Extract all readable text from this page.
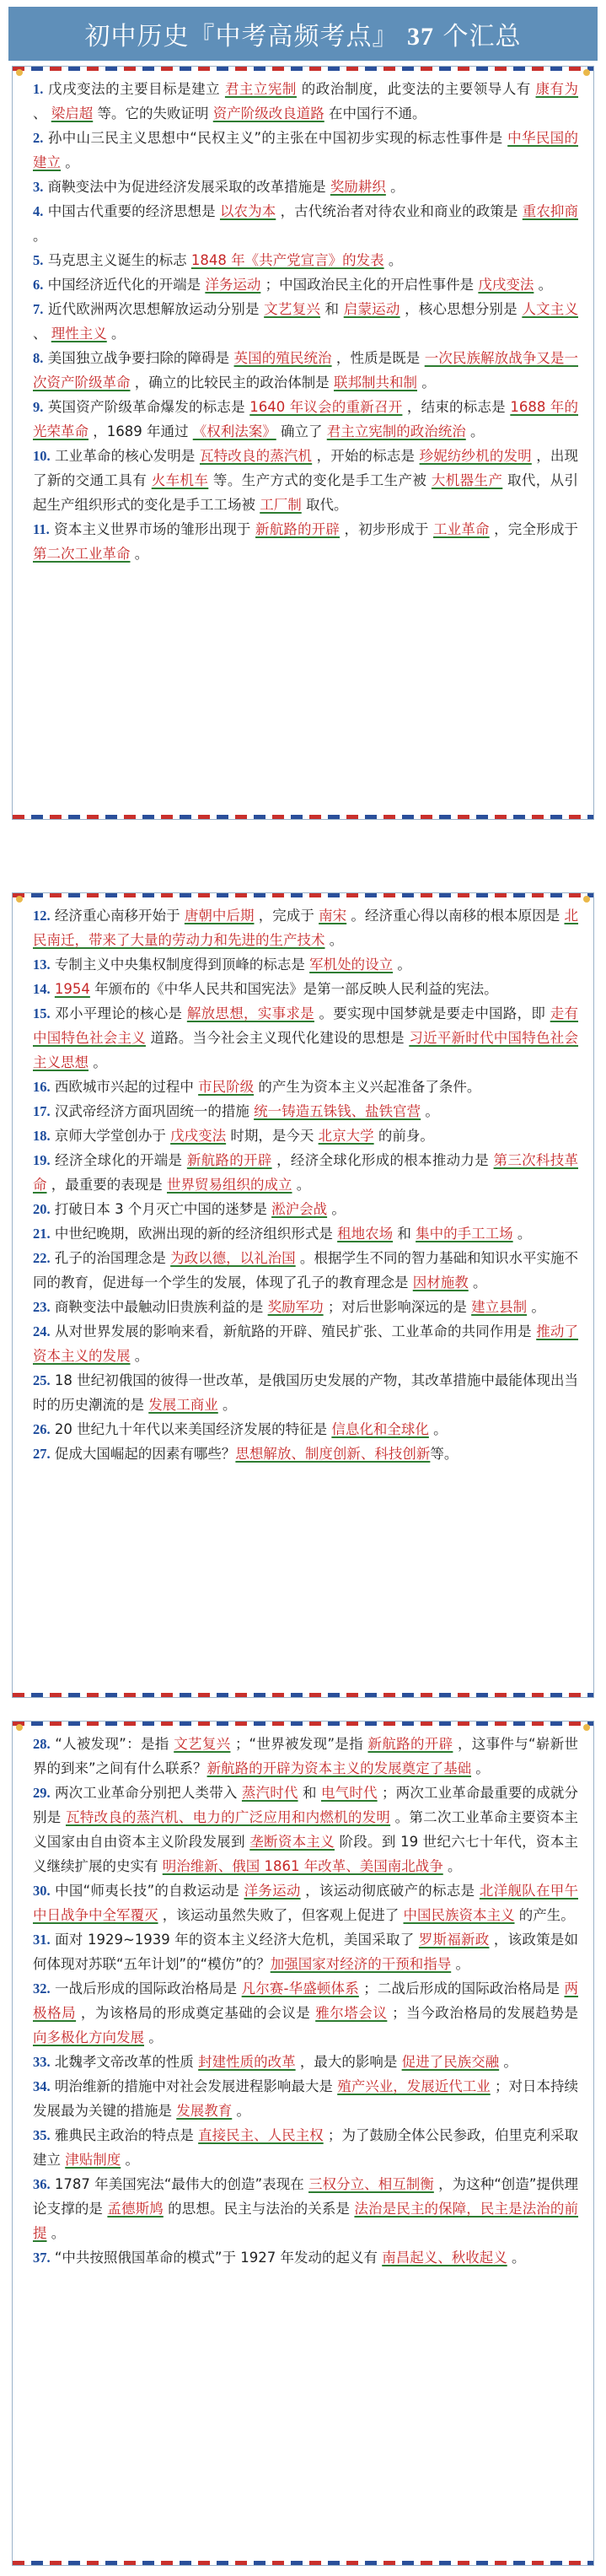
初中历史『中考高频考点』 37 个汇总

1. 戊戌变法的主要目标是建立 君主立宪制 的政治制度，此变法的主要领导人有 康有为 、 梁启超 等。它的失败证明 资产阶级改良道路 在中国行不通。

2. 孙中山三民主义思想中“民权主义”的主张在中国初步实现的标志性事件是 中华民国的建立 。

3. 商鞅变法中为促进经济发展采取的改革措施是 奖励耕织 。

4. 中国古代重要的经济思想是 以农为本 ，古代统治者对待农业和商业的政策是 重农抑商 。

5. 马克思主义诞生的标志 1848 年《共产党宣言》的发表 。

6. 中国经济近代化的开端是 洋务运动 ；中国政治民主化的开启性事件是 戊戌变法 。

7. 近代欧洲两次思想解放运动分别是 文艺复兴 和 启蒙运动 ，核心思想分别是 人文主义 、 理性主义 。

8. 美国独立战争要扫除的障碍是 英国的殖民统治 ，性质是既是 一次民族解放战争又是一次资产阶级革命 ，确立的比较民主的政治体制是 联邦制共和制 。

9. 英国资产阶级革命爆发的标志是 1640 年议会的重新召开 ，结束的标志是 1688 年的光荣革命 ，1689 年通过 《权利法案》 确立了 君主立宪制的政治统治 。

10. 工业革命的核心发明是 瓦特改良的蒸汽机 ，开始的标志是 珍妮纺纱机的发明 ，出现了新的交通工具有 火车机车 等。生产方式的变化是手工生产被 大机器生产 取代，从引起生产组织形式的变化是手工工场被 工厂制 取代。

11. 资本主义世界市场的雏形出现于 新航路的开辟 ，初步形成于 工业革命 ，完全形成于 第二次工业革命 。

12. 经济重心南移开始于 唐朝中后期 ，完成于 南宋 。经济重心得以南移的根本原因是 北民南迁，带来了大量的劳动力和先进的生产技术 。

13. 专制主义中央集权制度得到顶峰的标志是 军机处的设立 。

14. 1954 年颁布的《中华人民共和国宪法》是第一部反映人民利益的宪法。

15. 邓小平理论的核心是 解放思想，实事求是 。要实现中国梦就是要走中国路，即 走有中国特色社会主义 道路。当今社会主义现代化建设的思想是 习近平新时代中国特色社会主义思想 。

16. 西欧城市兴起的过程中 市民阶级 的产生为资本主义兴起准备了条件。

17. 汉武帝经济方面巩固统一的措施 统一铸造五铢钱、盐铁官营 。

18. 京师大学堂创办于 戊戌变法 时期，是今天 北京大学 的前身。

19. 经济全球化的开端是 新航路的开辟 ，经济全球化形成的根本推动力是 第三次科技革命 ，最重要的表现是 世界贸易组织的成立 。

20. 打破日本 3 个月灭亡中国的迷梦是 淞沪会战 。

21. 中世纪晚期，欧洲出现的新的经济组织形式是 租地农场 和 集中的手工工场 。

22. 孔子的治国理念是 为政以德，以礼治国 。根据学生不同的智力基础和知识水平实施不同的教育，促进每一个学生的发展，体现了孔子的教育理念是 因材施教 。

23. 商鞅变法中最触动旧贵族利益的是 奖励军功 ；对后世影响深远的是 建立县制 。

24. 从对世界发展的影响来看，新航路的开辟、殖民扩张、工业革命的共同作用是 推动了资本主义的发展 。

25. 18 世纪初俄国的彼得一世改革，是俄国历史发展的产物，其改革措施中最能体现出当时的历史潮流的是 发展工商业 。

26. 20 世纪九十年代以来美国经济发展的特征是 信息化和全球化 。

27. 促成大国崛起的因素有哪些？思想解放、制度创新、科技创新等。

28. “人被发现”：是指 文艺复兴 ；“世界被发现”是指 新航路的开辟 ，这事件与“崭新世界的到来”之间有什么联系？新航路的开辟为资本主义的发展奠定了基础 。

29. 两次工业革命分别把人类带入 蒸汽时代 和 电气时代 ；两次工业革命最重要的成就分别是 瓦特改良的蒸汽机、电力的广泛应用和内燃机的发明 。第二次工业革命主要资本主义国家由自由资本主义阶段发展到 垄断资本主义 阶段。到 19 世纪六七十年代，资本主义继续扩展的史实有 明治维新、俄国 1861 年改革、美国南北战争 。

30. 中国“师夷长技”的自救运动是 洋务运动 ，该运动彻底破产的标志是 北洋舰队在甲午中日战争中全军覆灭 ，该运动虽然失败了，但客观上促进了 中国民族资本主义 的产生。

31. 面对 1929~1939 年的资本主义经济大危机，美国采取了 罗斯福新政 ，该政策是如何体现对苏联“五年计划”的“模仿”的？加强国家对经济的干预和指导 。

32. 一战后形成的国际政治格局是 凡尔赛-华盛顿体系 ；二战后形成的国际政治格局是 两极格局 ，为该格局的形成奠定基础的会议是 雅尔塔会议 ；当今政治格局的发展趋势是 向多极化方向发展 。

33. 北魏孝文帝改革的性质 封建性质的改革 ，最大的影响是 促进了民族交融 。

34. 明治维新的措施中对社会发展进程影响最大是 殖产兴业，发展近代工业 ；对日本持续发展最为关键的措施是 发展教育 。

35. 雅典民主政治的特点是 直接民主、人民主权 ；为了鼓励全体公民参政，伯里克利采取建立 津贴制度 。

36. 1787 年美国宪法“最伟大的创造”表现在 三权分立、相互制衡 ，为这种“创造”提供理论支撑的是 孟德斯鸠 的思想。民主与法治的关系是 法治是民主的保障，民主是法治的前提 。

37. “中共按照俄国革命的模式”于 1927 年发动的起义有 南昌起义、秋收起义 。
